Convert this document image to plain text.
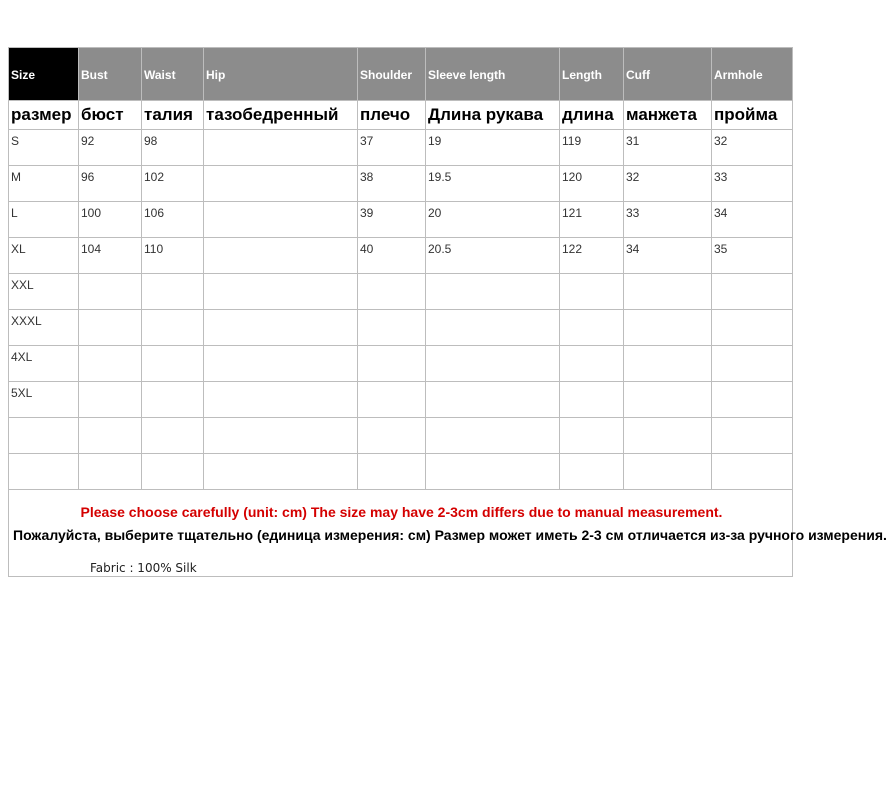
Size	Bust	Waist	Hip	Shoulder	Sleeve length	Length	Cuff	Armhole
размер	бюст	талия	тазобедренный	плечо	Длина рукава	длина	манжета	пройма
S	92	98		37	19	119	31	32
M	96	102		38	19.5	120	32	33
L	100	106		39	20	121	33	34
XL	104	110		40	20.5	122	34	35
XXL								
XXXL								
4XL								
5XL								

Please choose carefully (unit: cm) The size may have 2-3cm differs due to manual measurement.
Пожалуйста, выберите тщательно (единица измерения: см) Размер может иметь 2-3 см отличается из-за ручного измерения.								
Fabric : 100% Silk
